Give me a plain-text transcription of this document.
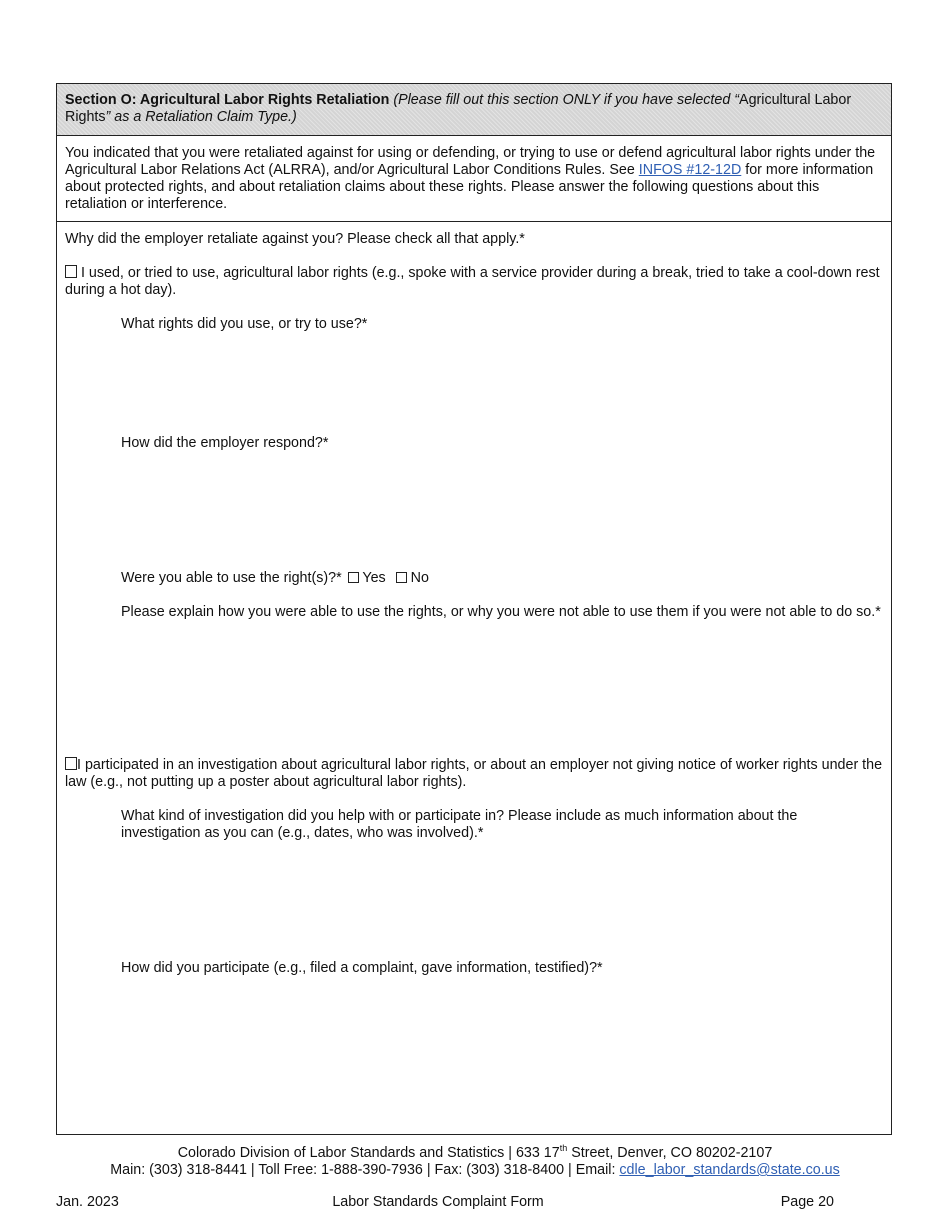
Section O: Agricultural Labor Rights Retaliation (Please fill out this section ONLY if you have selected “Agricultural Labor Rights” as a Retaliation Claim Type.)
You indicated that you were retaliated against for using or defending, or trying to use or defend agricultural labor rights under the Agricultural Labor Relations Act (ALRRA), and/or Agricultural Labor Conditions Rules. See INFOS #12-12D for more information about protected rights, and about retaliation claims about these rights. Please answer the following questions about this retaliation or interference.
Why did the employer retaliate against you? Please check all that apply.*
I used, or tried to use, agricultural labor rights (e.g., spoke with a service provider during a break, tried to take a cool-down rest during a hot day).
What rights did you use, or try to use?*
How did the employer respond?*
Were you able to use the right(s)?* Yes No
Please explain how you were able to use the rights, or why you were not able to use them if you were not able to do so.*
I participated in an investigation about agricultural labor rights, or about an employer not giving notice of worker rights under the law (e.g., not putting up a poster about agricultural labor rights).
What kind of investigation did you help with or participate in? Please include as much information about the investigation as you can (e.g., dates, who was involved).*
How did you participate (e.g., filed a complaint, gave information, testified)?*
Colorado Division of Labor Standards and Statistics | 633 17th Street, Denver, CO 80202-2107
Main: (303) 318-8441 | Toll Free: 1-888-390-7936 | Fax: (303) 318-8400 | Email: cdle_labor_standards@state.co.us
Jan. 2023	Labor Standards Complaint Form	Page 20
